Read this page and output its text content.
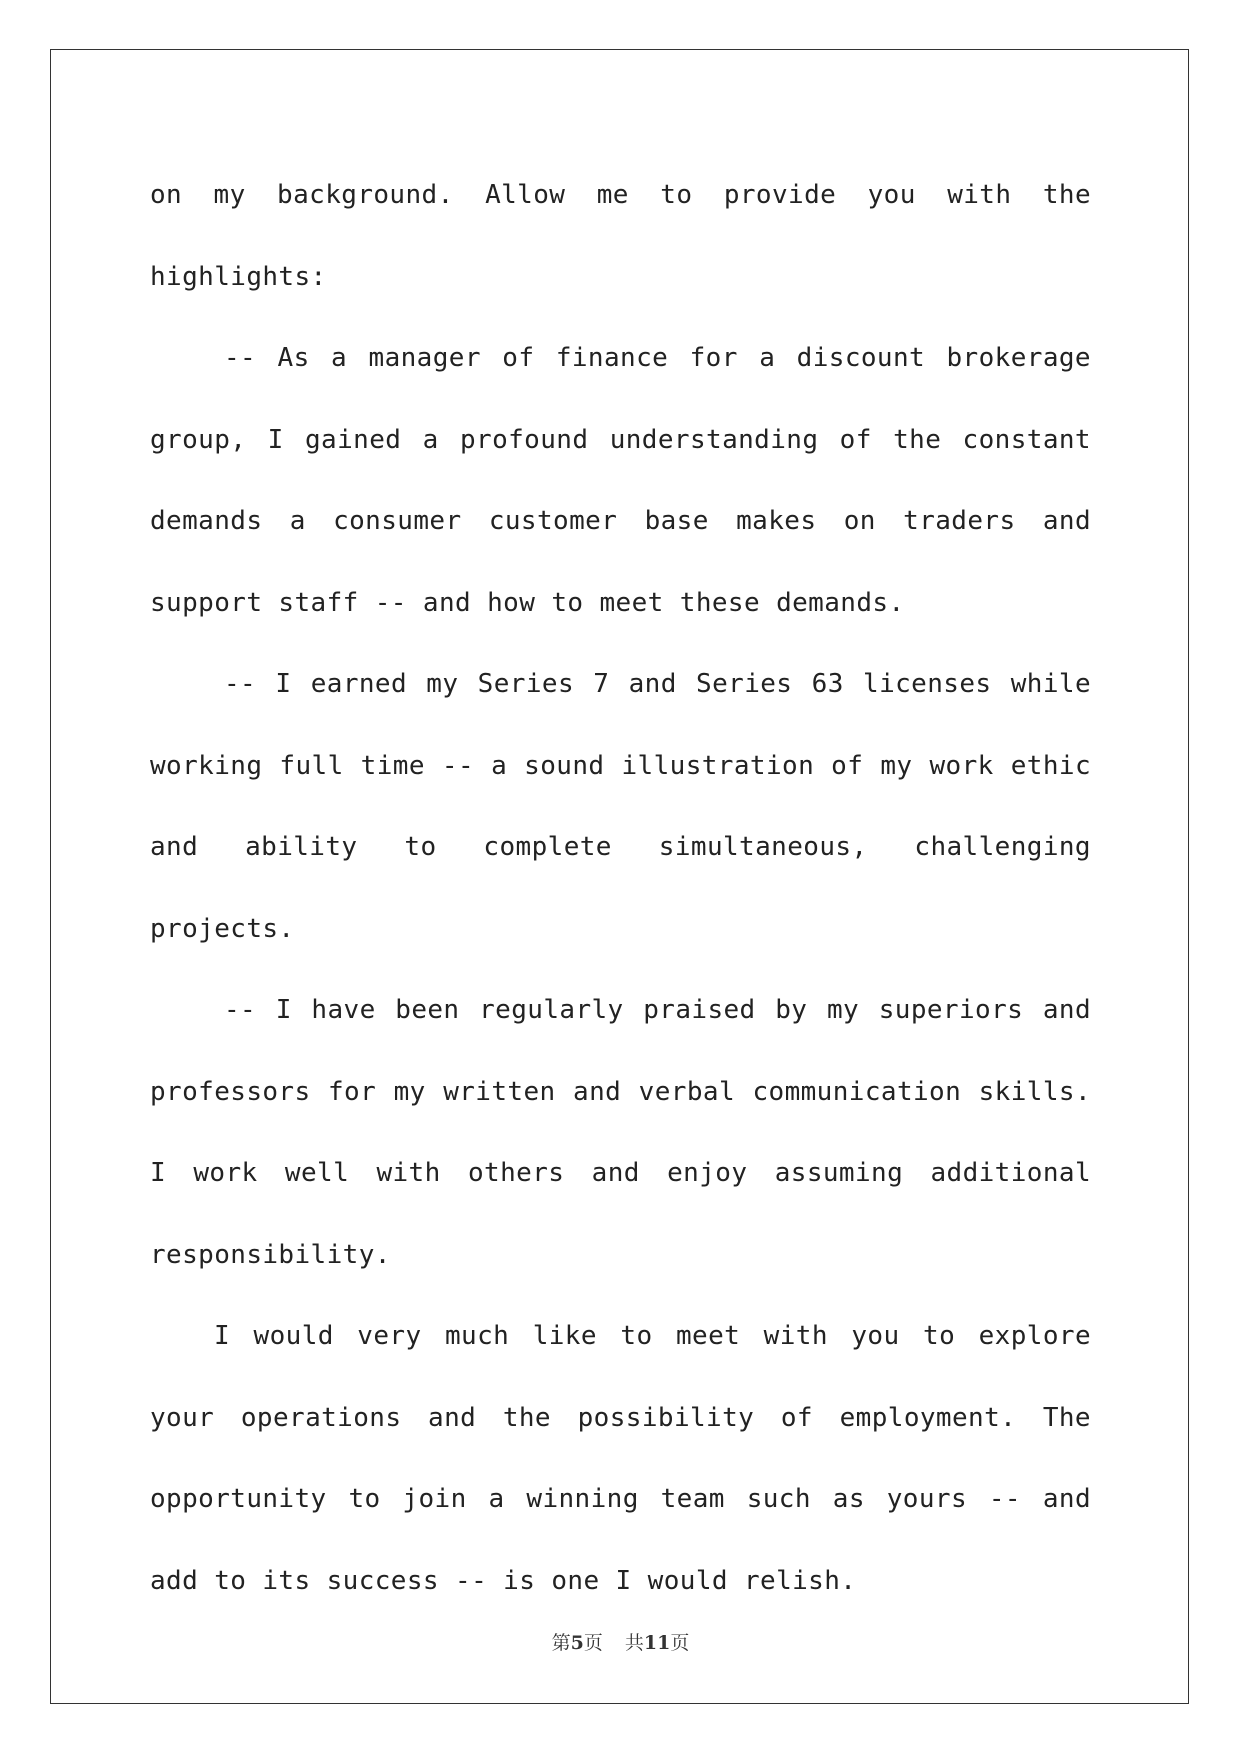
on my background. Allow me to provide you with the highlights:

-- As a manager of finance for a discount brokerage group, I gained a profound understanding of the constant demands a consumer customer base makes on traders and support staff -- and how to meet these demands.

-- I earned my Series 7 and Series 63 licenses while working full time -- a sound illustration of my work ethic and ability to complete simultaneous, challenging projects.

-- I have been regularly praised by my superiors and professors for my written and verbal communication skills. I work well with others and enjoy assuming additional responsibility.

I would very much like to meet with you to explore your operations and the possibility of employment. The opportunity to join a winning team such as yours -- and add to its success -- is one I would relish.

第5页 共11页
